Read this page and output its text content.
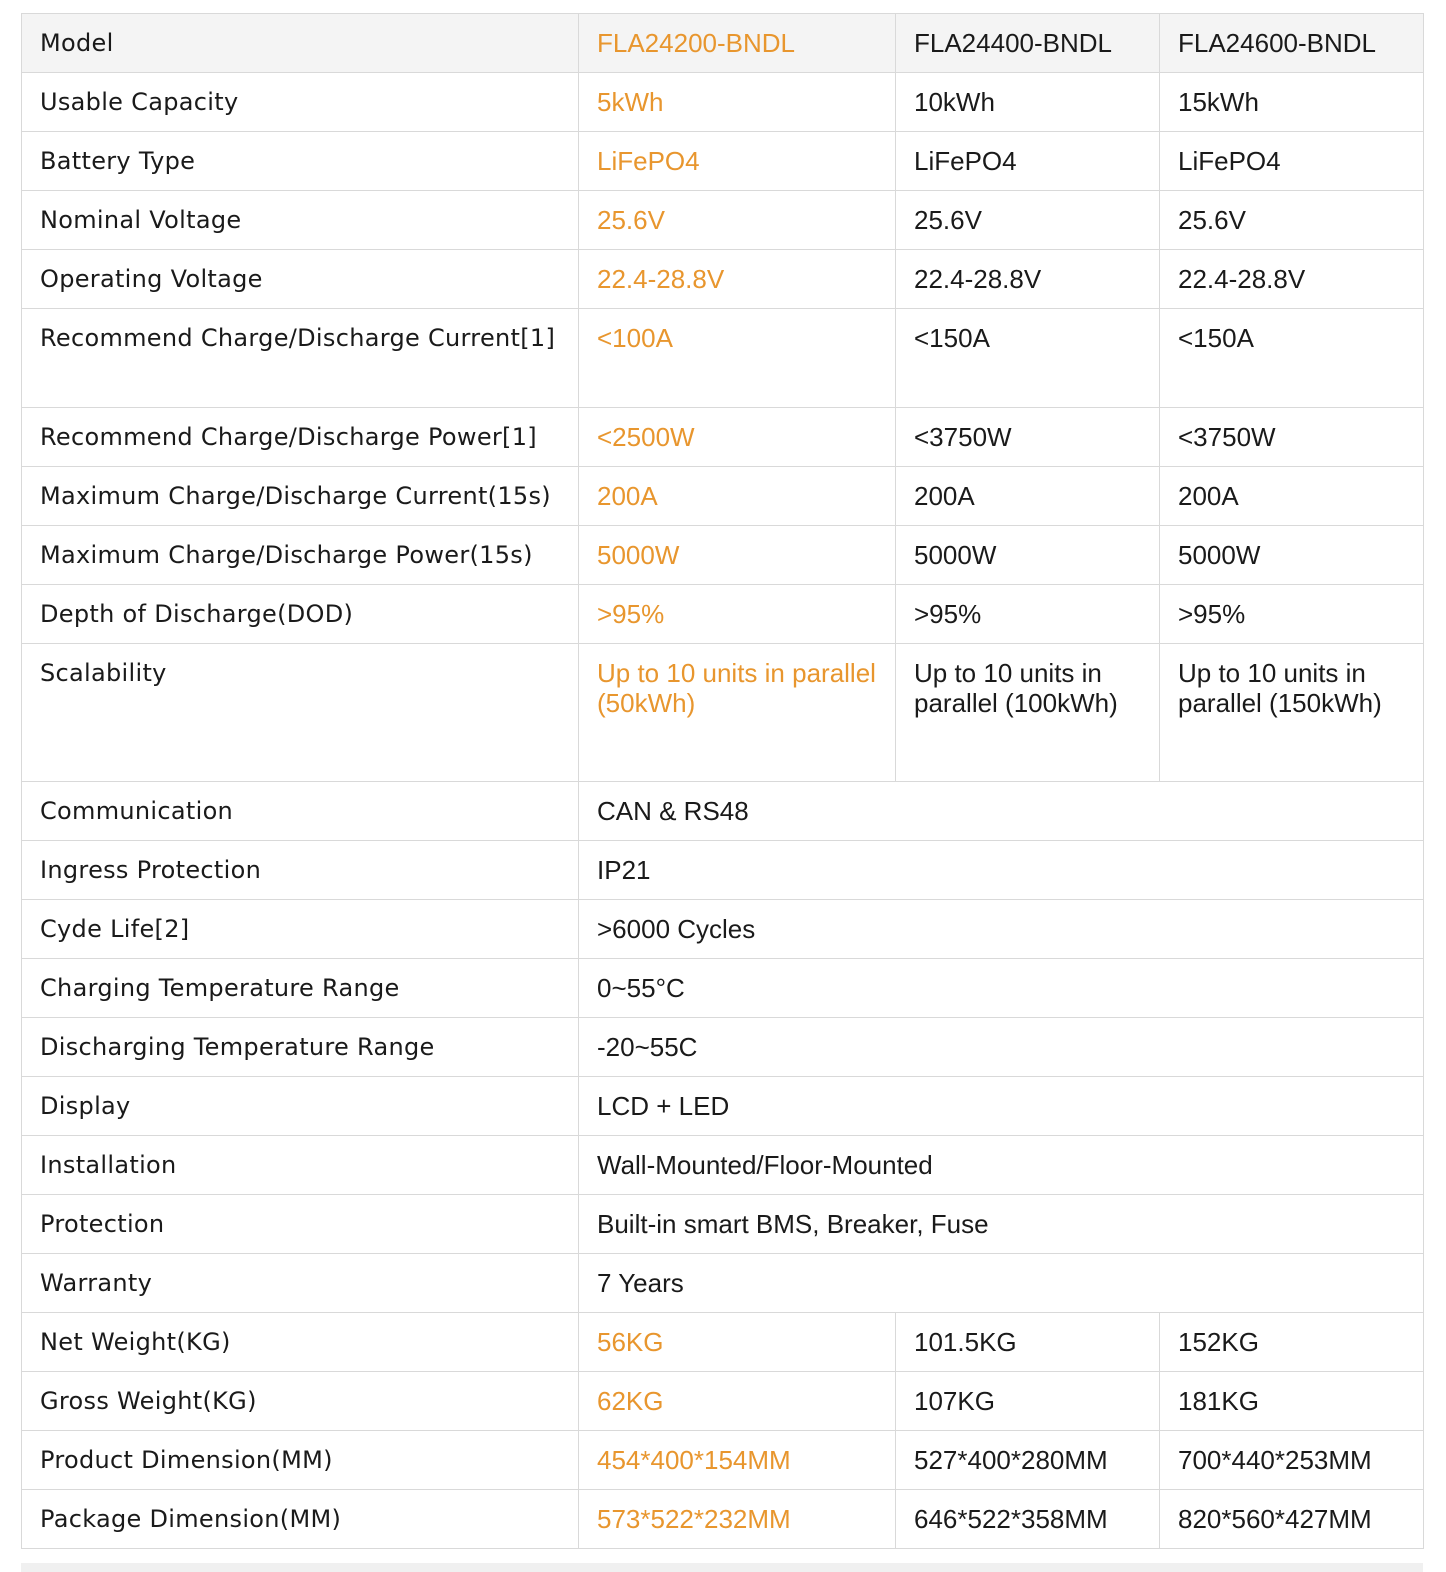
Model	FLA24200-BNDL	FLA24400-BNDL	FLA24600-BNDL
Usable Capacity	5kWh	10kWh	15kWh
Battery Type	LiFePO4	LiFePO4	LiFePO4
Nominal Voltage	25.6V	25.6V	25.6V
Operating Voltage	22.4-28.8V	22.4-28.8V	22.4-28.8V
Recommend Charge/Discharge Current[1]	<100A	<150A	<150A
Recommend Charge/Discharge Power[1]	<2500W	<3750W	<3750W
Maximum Charge/Discharge Current(15s)	200A	200A	200A
Maximum Charge/Discharge Power(15s)	5000W	5000W	5000W
Depth of Discharge(DOD)	>95%	>95%	>95%
Scalability	Up to 10 units in parallel (50kWh)	Up to 10 units in parallel (100kWh)	Up to 10 units in parallel (150kWh)
Communication	CAN & RS48		
Ingress Protection	IP21		
Cyde Life[2]	>6000 Cycles		
Charging Temperature Range	0~55°C		
Discharging Temperature Range	-20~55C		
Display	LCD + LED		
Installation	Wall-Mounted/Floor-Mounted		
Protection	Built-in smart BMS, Breaker, Fuse		
Warranty	7 Years		
Net Weight(KG)	56KG	101.5KG	152KG
Gross Weight(KG)	62KG	107KG	181KG
Product Dimension(MM)	454*400*154MM	527*400*280MM	700*440*253MM
Package Dimension(MM)	573*522*232MM	646*522*358MM	820*560*427MM
